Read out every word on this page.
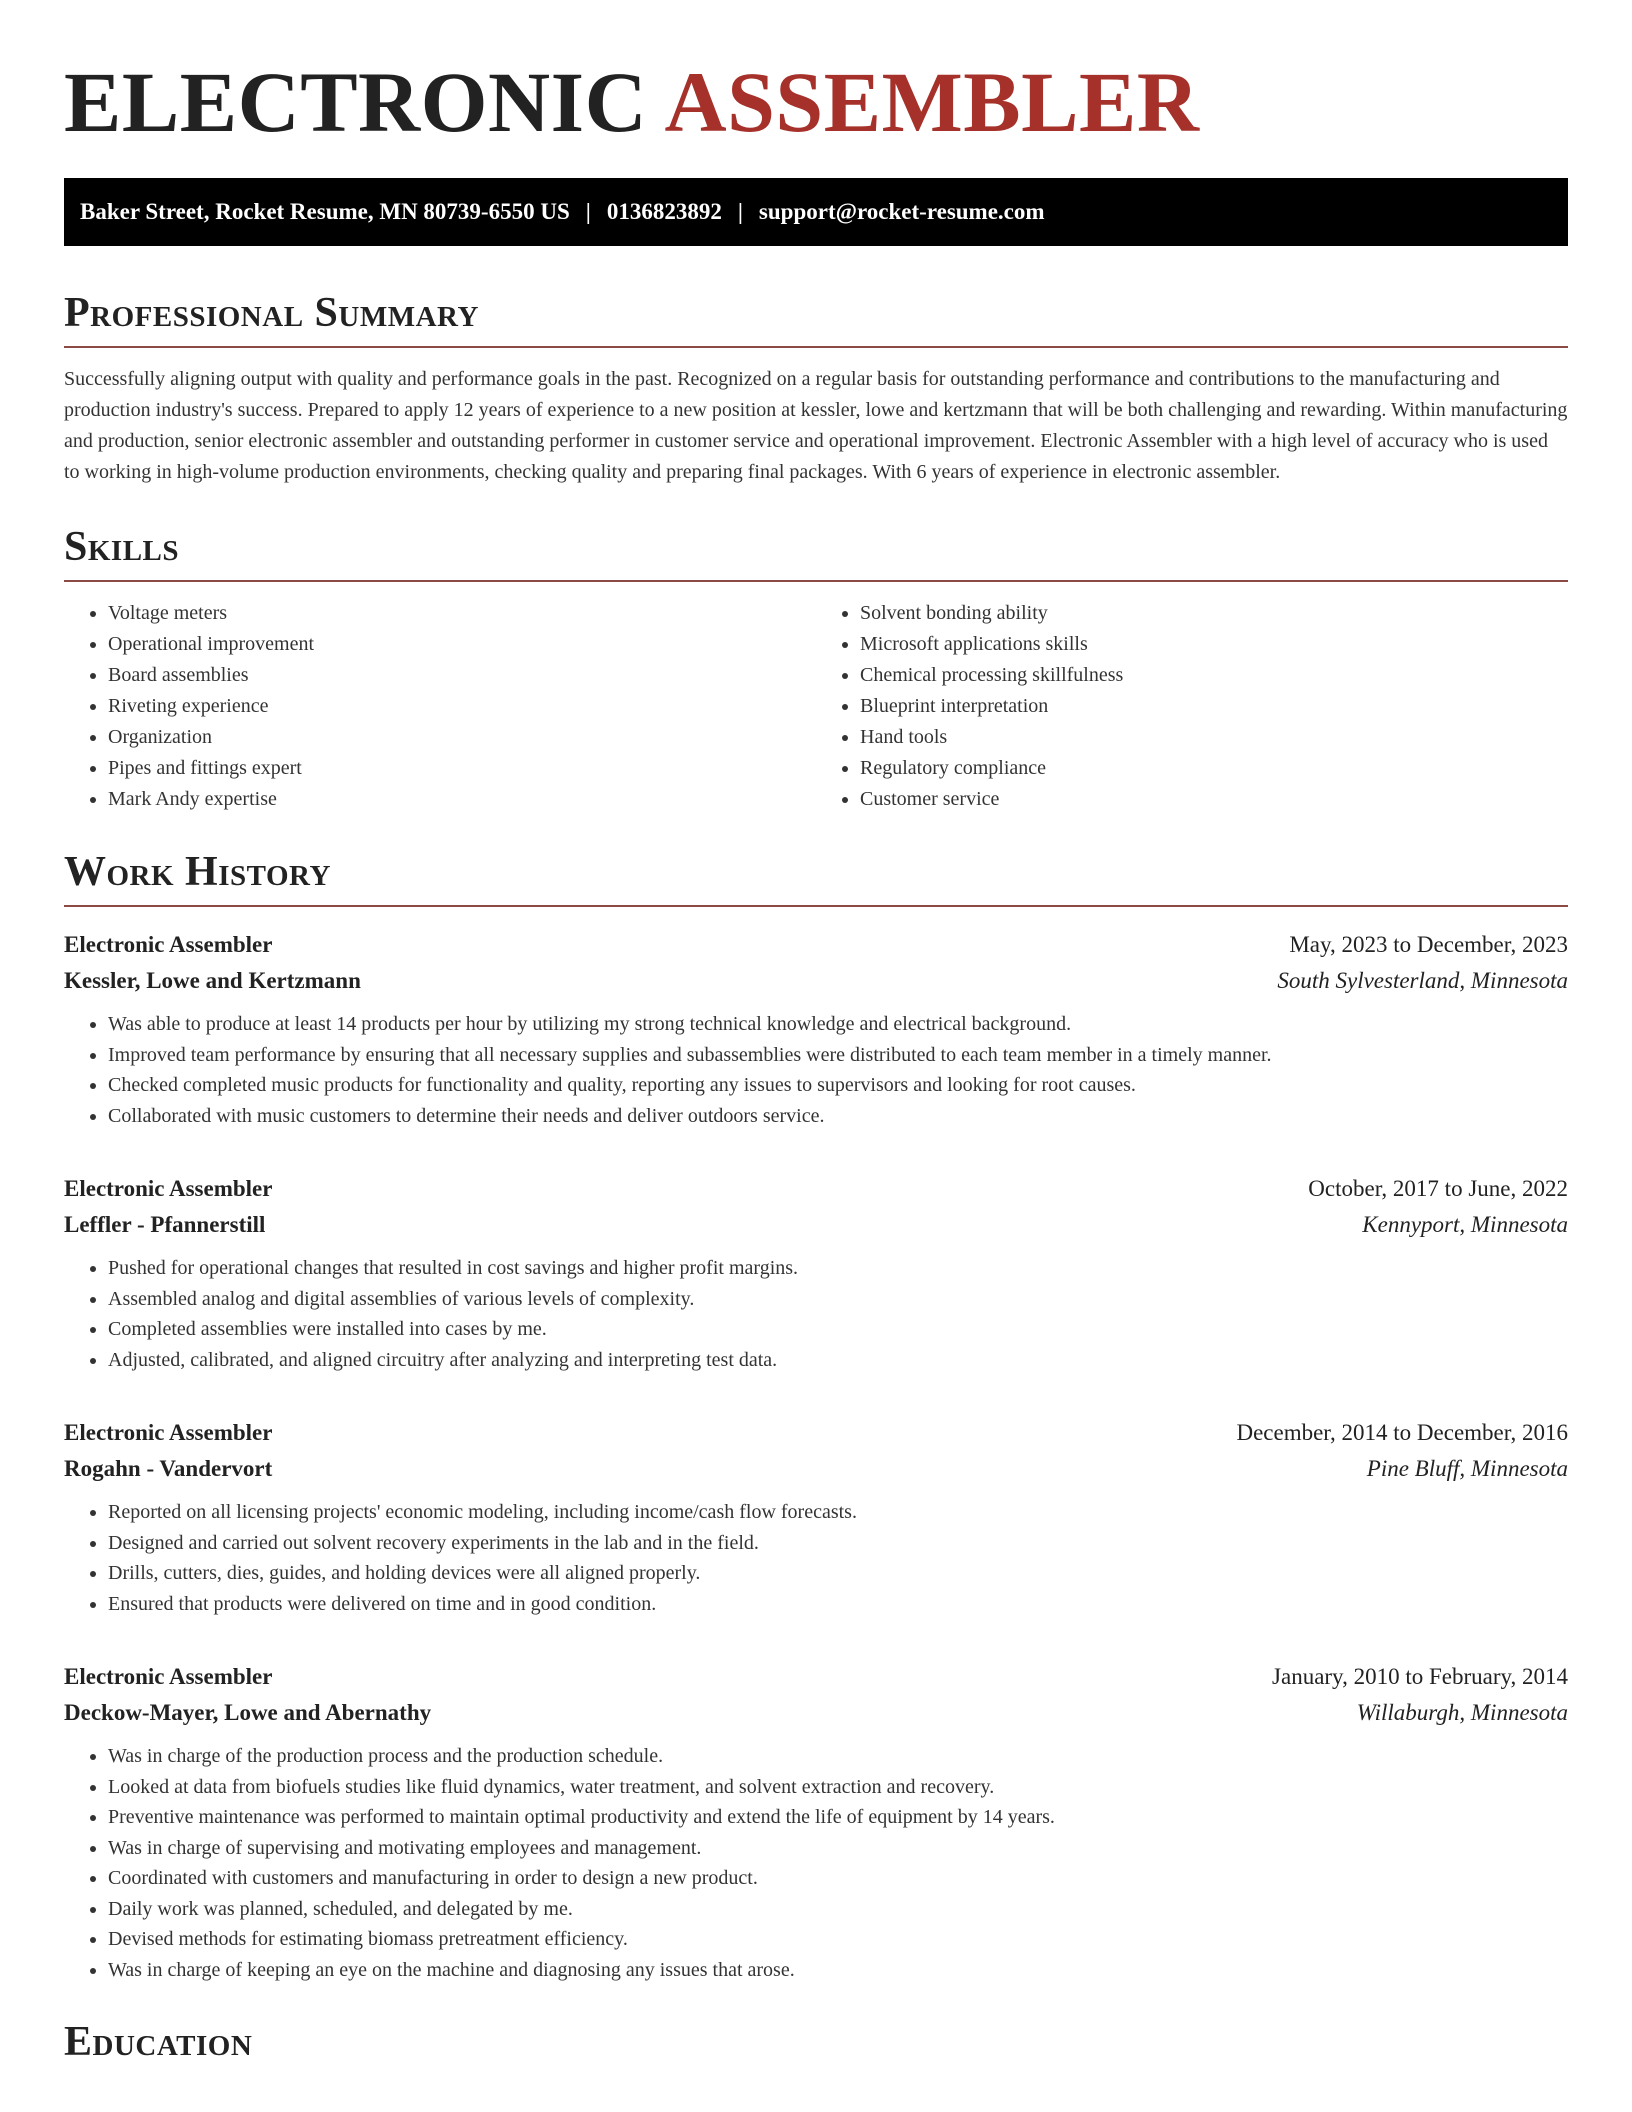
ELECTRONIC ASSEMBLER
Baker Street, Rocket Resume, MN 80739-6550 US | 0136823892 | support@rocket-resume.com
Professional Summary

Successfully aligning output with quality and performance goals in the past. Recognized on a regular basis for outstanding performance and contributions to the manufacturing and production industry's success. Prepared to apply 12 years of experience to a new position at kessler, lowe and kertzmann that will be both challenging and rewarding. Within manufacturing and production, senior electronic assembler and outstanding performer in customer service and operational improvement. Electronic Assembler with a high level of accuracy who is used to working in high-volume production environments, checking quality and preparing final packages. With 6 years of experience in electronic assembler.

Skills
• Voltage meters
• Operational improvement
• Board assemblies
• Riveting experience
• Organization
• Pipes and fittings expert
• Mark Andy expertise
• Solvent bonding ability
• Microsoft applications skills
• Chemical processing skillfulness
• Blueprint interpretation
• Hand tools
• Regulatory compliance
• Customer service
Work History
Electronic Assembler	May, 2023 to December, 2023
Kessler, Lowe and Kertzmann	South Sylvesterland, Minnesota
• Was able to produce at least 14 products per hour by utilizing my strong technical knowledge and electrical background.
• Improved team performance by ensuring that all necessary supplies and subassemblies were distributed to each team member in a timely manner.
• Checked completed music products for functionality and quality, reporting any issues to supervisors and looking for root causes.
• Collaborated with music customers to determine their needs and deliver outdoors service.
Electronic Assembler	October, 2017 to June, 2022
Leffler - Pfannerstill	Kennyport, Minnesota
• Pushed for operational changes that resulted in cost savings and higher profit margins.
• Assembled analog and digital assemblies of various levels of complexity.
• Completed assemblies were installed into cases by me.
• Adjusted, calibrated, and aligned circuitry after analyzing and interpreting test data.
Electronic Assembler	December, 2014 to December, 2016
Rogahn - Vandervort	Pine Bluff, Minnesota
• Reported on all licensing projects' economic modeling, including income/cash flow forecasts.
• Designed and carried out solvent recovery experiments in the lab and in the field.
• Drills, cutters, dies, guides, and holding devices were all aligned properly.
• Ensured that products were delivered on time and in good condition.
Electronic Assembler	January, 2010 to February, 2014
Deckow-Mayer, Lowe and Abernathy	Willaburgh, Minnesota
• Was in charge of the production process and the production schedule.
• Looked at data from biofuels studies like fluid dynamics, water treatment, and solvent extraction and recovery.
• Preventive maintenance was performed to maintain optimal productivity and extend the life of equipment by 14 years.
• Was in charge of supervising and motivating employees and management.
• Coordinated with customers and manufacturing in order to design a new product.
• Daily work was planned, scheduled, and delegated by me.
• Devised methods for estimating biomass pretreatment efficiency.
• Was in charge of keeping an eye on the machine and diagnosing any issues that arose.
Education
